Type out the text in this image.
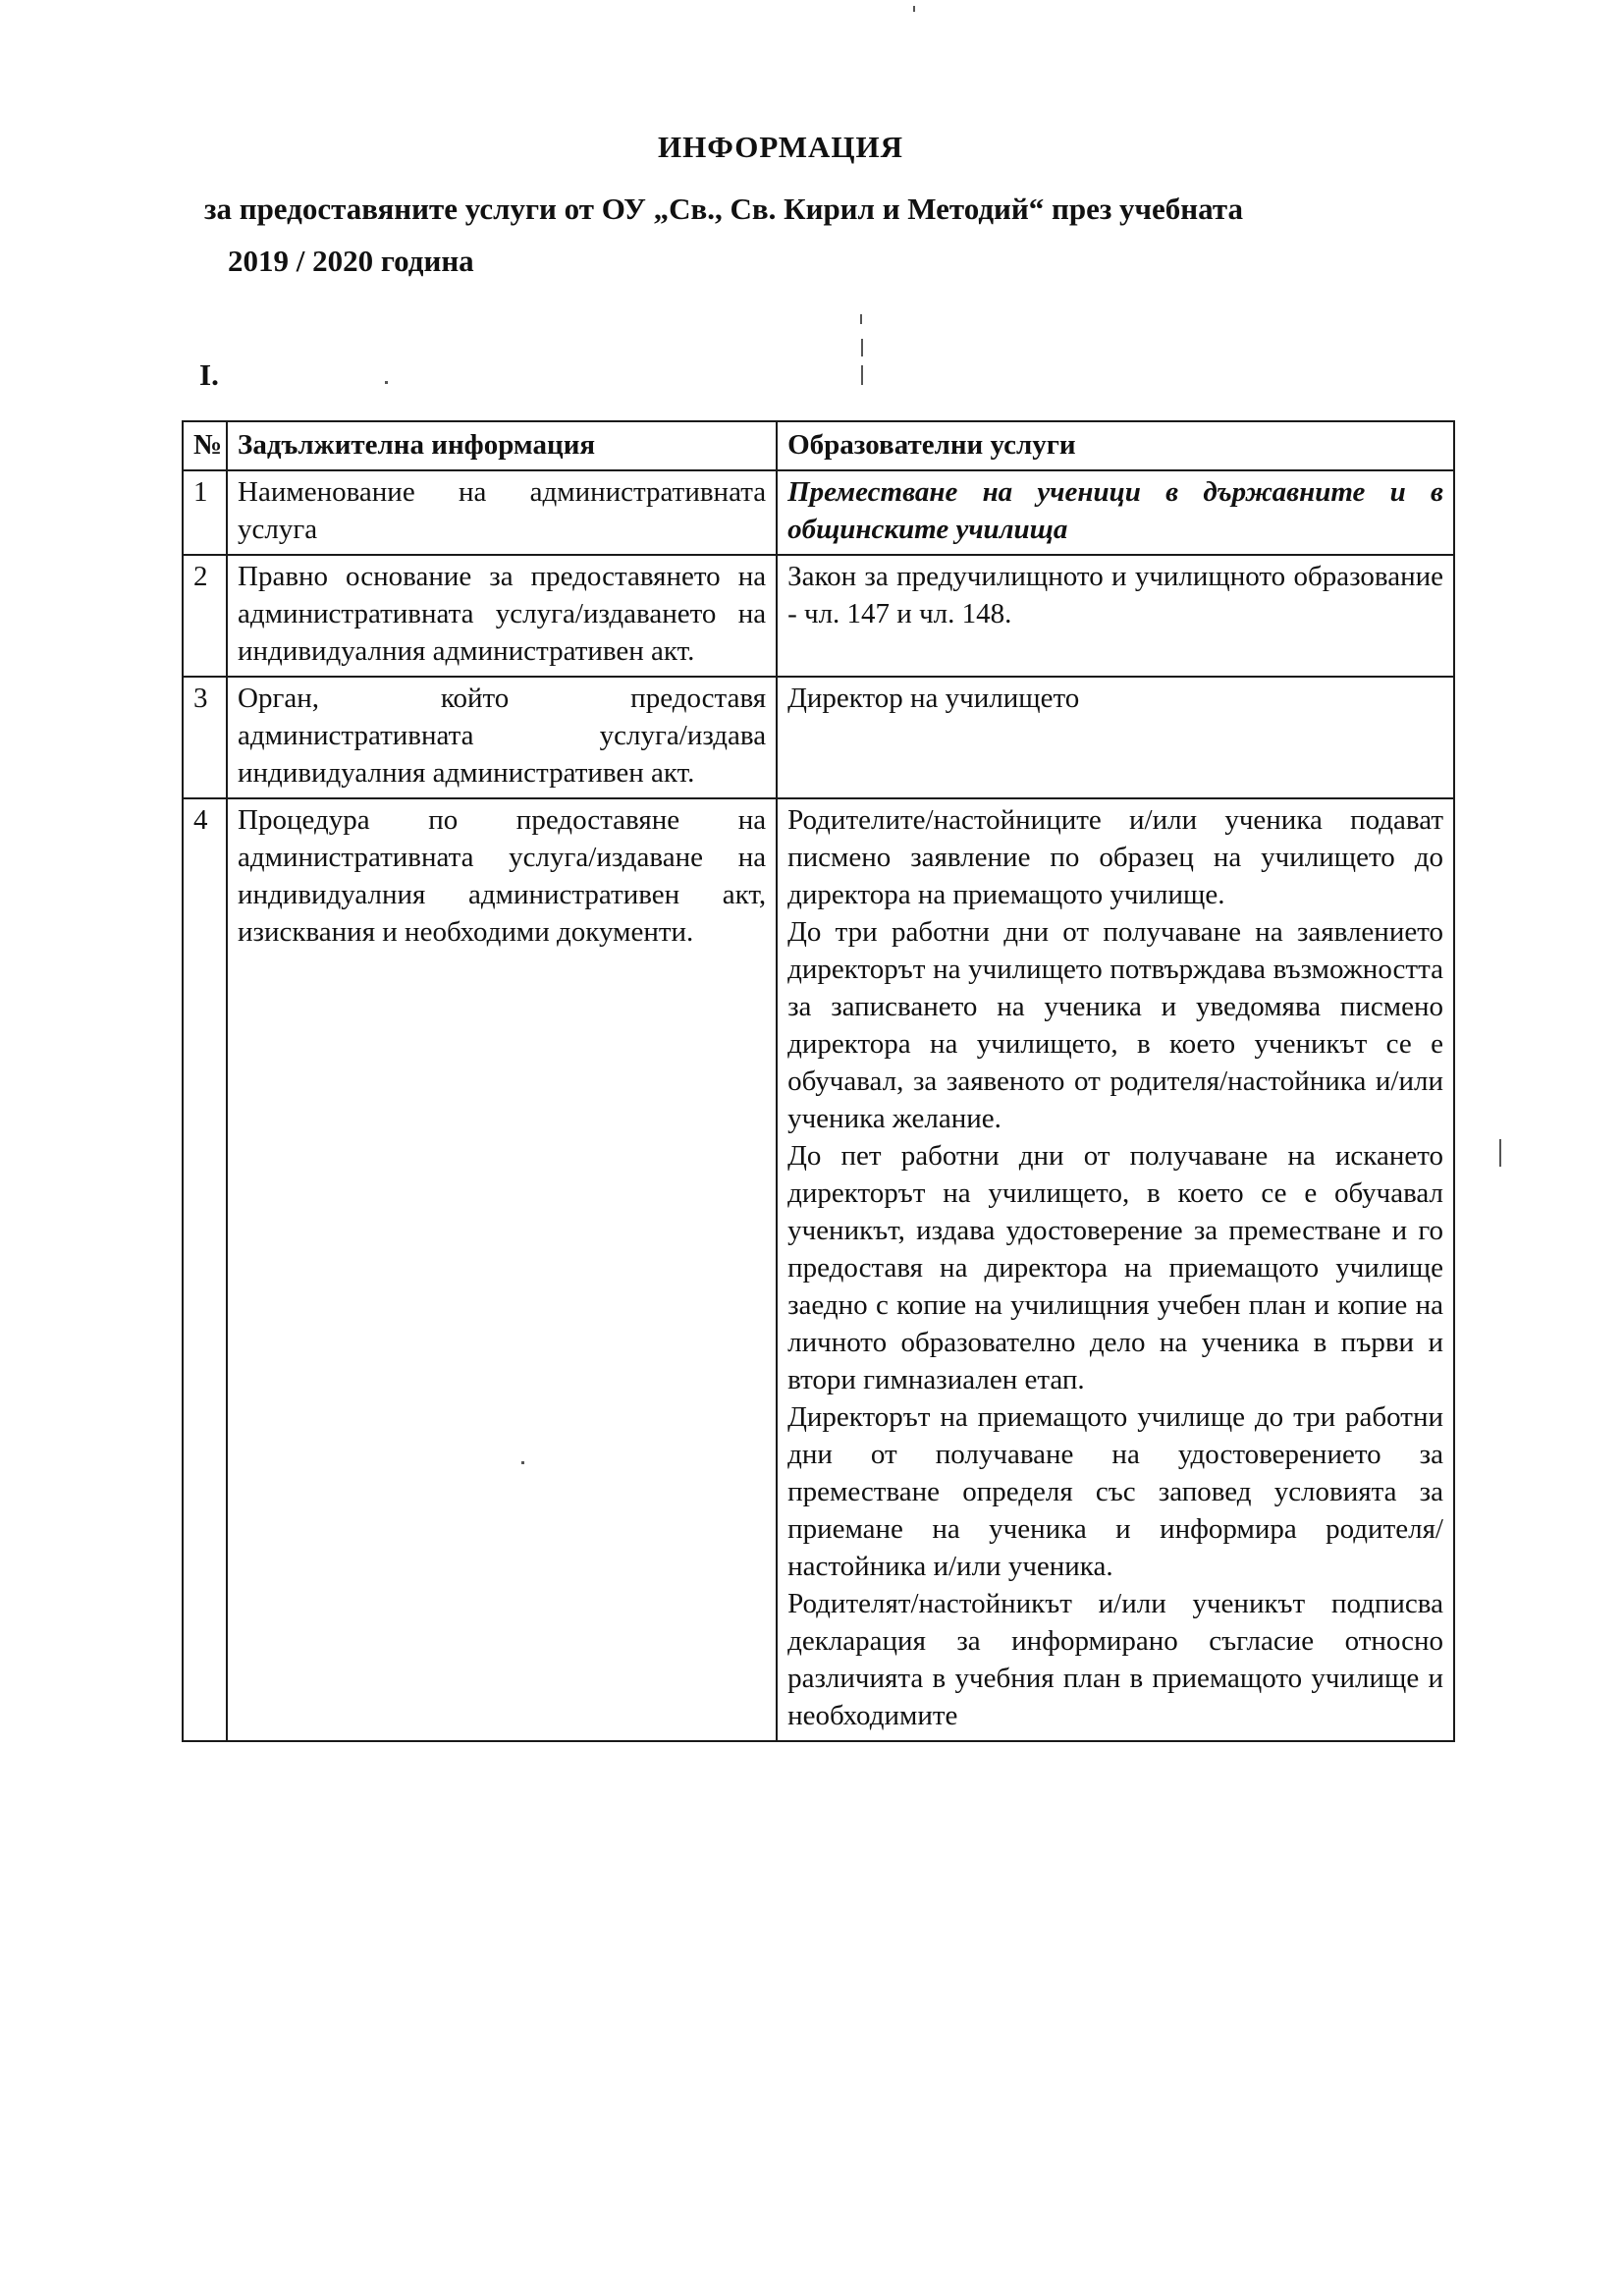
ИНФОРМАЦИЯ
за предоставяните услуги от ОУ „Св., Св. Кирил и Методий“ през учебната
2019 / 2020 година
I.
№	Задължителна информация	Образователни услуги
1	Наименование на административната услуга	Преместване на ученици в държавните и в общинските училища

2	Правно основание за предоставянето на административната услуга/издаването на индивидуалния административен акт.	Закон за предучилищното и училищното образование - чл. 147 и чл. 148.
3	Орган, който предоставя административната услуга/издава индивидуалния административен акт.	Директор на училището
4	Процедура по предоставяне на административната услуга/издаване на индивидуалния административен акт, изисквания и необходими документи.	Родителите/настойниците и/или ученика подават писмено заявление по образец на училището до директора на приемащото училище.
До три работни дни от получаване на заявлението директорът на училището потвърждава възможността за записването на ученика и уведомява писмено директора на училището, в което ученикът се е обучавал, за заявеното от родителя/настойника и/или ученика желание.
До пет работни дни от получаване на искането директорът на училището, в което се е обучавал ученикът, издава удостоверение за преместване и го предоставя на директора на приемащото училище заедно с копие на училищния учебен план и копие на личното образователно дело на ученика в първи и втори гимназиален етап.
Директорът на приемащото училище до три работни дни от получаване на удостоверението за преместване определя със заповед условията за приемане на ученика и информира родителя/настойника и/или ученика.
Родителят/настойникът и/или ученикът подписва декларация за информирано съгласие относно различията в учебния план в приемащото училище и необходимите
